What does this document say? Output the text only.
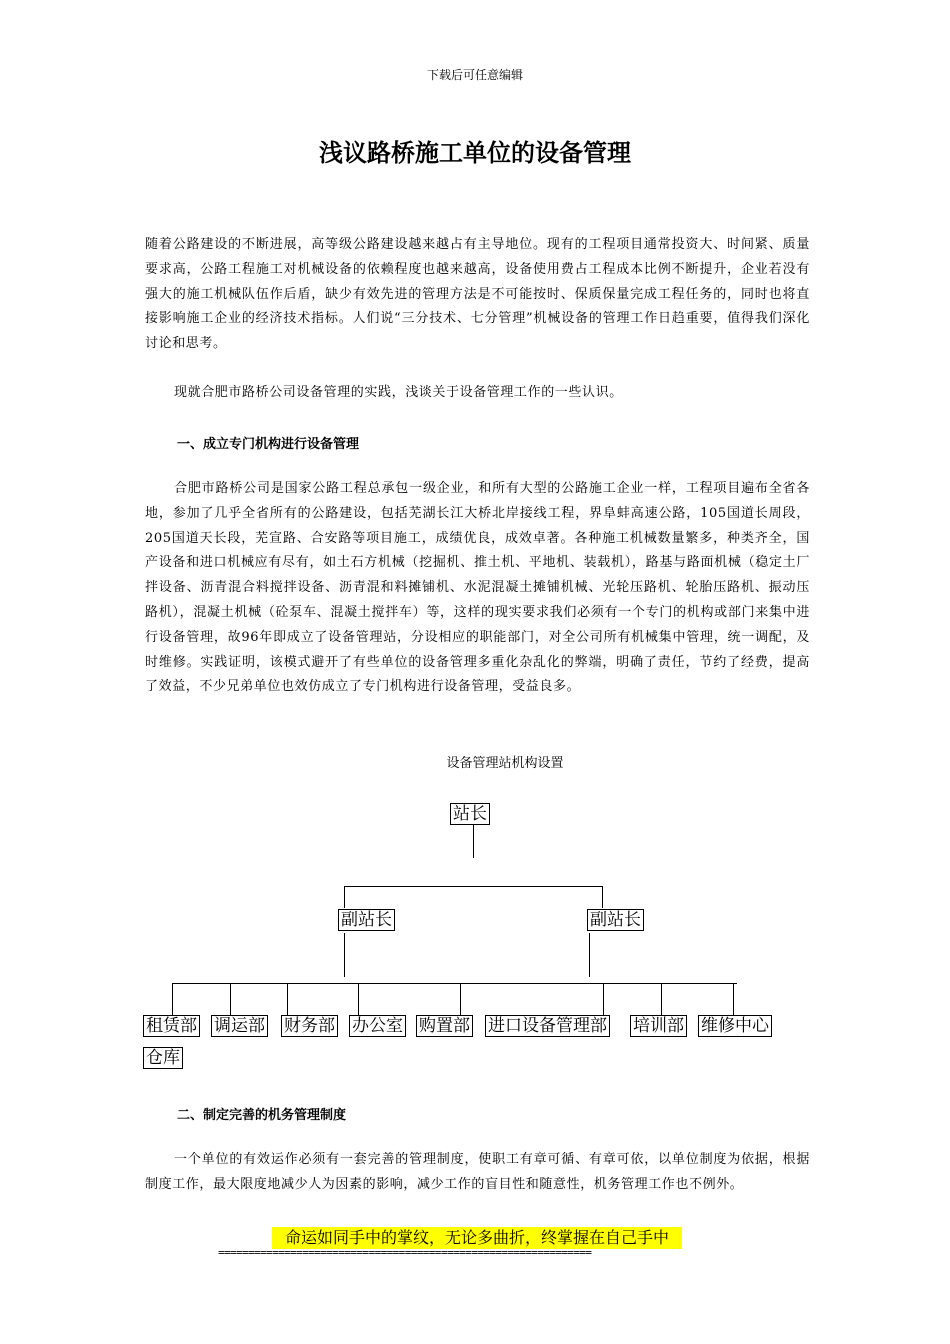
下载后可任意编辑
浅议路桥施工单位的设备管理

随着公路建设的不断进展，高等级公路建设越来越占有主导地位。现有的工程项目通常投资大、时间紧、质量要求高，公路工程施工对机械设备的依赖程度也越来越高，设备使用费占工程成本比例不断提升，企业若没有强大的施工机械队伍作后盾，缺少有效先进的管理方法是不可能按时、保质保量完成工程任务的，同时也将直接影响施工企业的经济技术指标。人们说“三分技术、七分管理”机械设备的管理工作日趋重要，值得我们深化讨论和思考。

现就合肥市路桥公司设备管理的实践，浅谈关于设备管理工作的一些认识。

一、成立专门机构进行设备管理

合肥市路桥公司是国家公路工程总承包一级企业，和所有大型的公路施工企业一样，工程项目遍布全省各地，参加了几乎全省所有的公路建设，包括芜湖长江大桥北岸接线工程，界阜蚌高速公路，105国道长周段，205国道天长段，芜宣路、合安路等项目施工，成绩优良，成效卓著。各种施工机械数量繁多，种类齐全，国产设备和进口机械应有尽有，如土石方机械（挖掘机、推土机、平地机、装载机），路基与路面机械（稳定土厂拌设备、沥青混合料搅拌设备、沥青混和料摊铺机、水泥混凝土摊铺机械、光轮压路机、轮胎压路机、振动压路机），混凝土机械（砼泵车、混凝土搅拌车）等，这样的现实要求我们必须有一个专门的机构或部门来集中进行设备管理，故96年即成立了设备管理站，分设相应的职能部门，对全公司所有机械集中管理，统一调配，及时维修。实践证明，该模式避开了有些单位的设备管理多重化杂乱化的弊端，明确了责任，节约了经费，提高了效益，不少兄弟单位也效仿成立了专门机构进行设备管理，受益良多。

设备管理站机构设置
站长
副站长	副站长
租赁部 调运部 财务部 办公室 购置部 进口设备管理部 培训部 维修中心
仓库
二、制定完善的机务管理制度

一个单位的有效运作必须有一套完善的管理制度，使职工有章可循、有章可依，以单位制度为依据，根据制度工作，最大限度地减少人为因素的影响，减少工作的盲目性和随意性，机务管理工作也不例外。

命运如同手中的掌纹，无论多曲折，终掌握在自己手中
==============================================================
